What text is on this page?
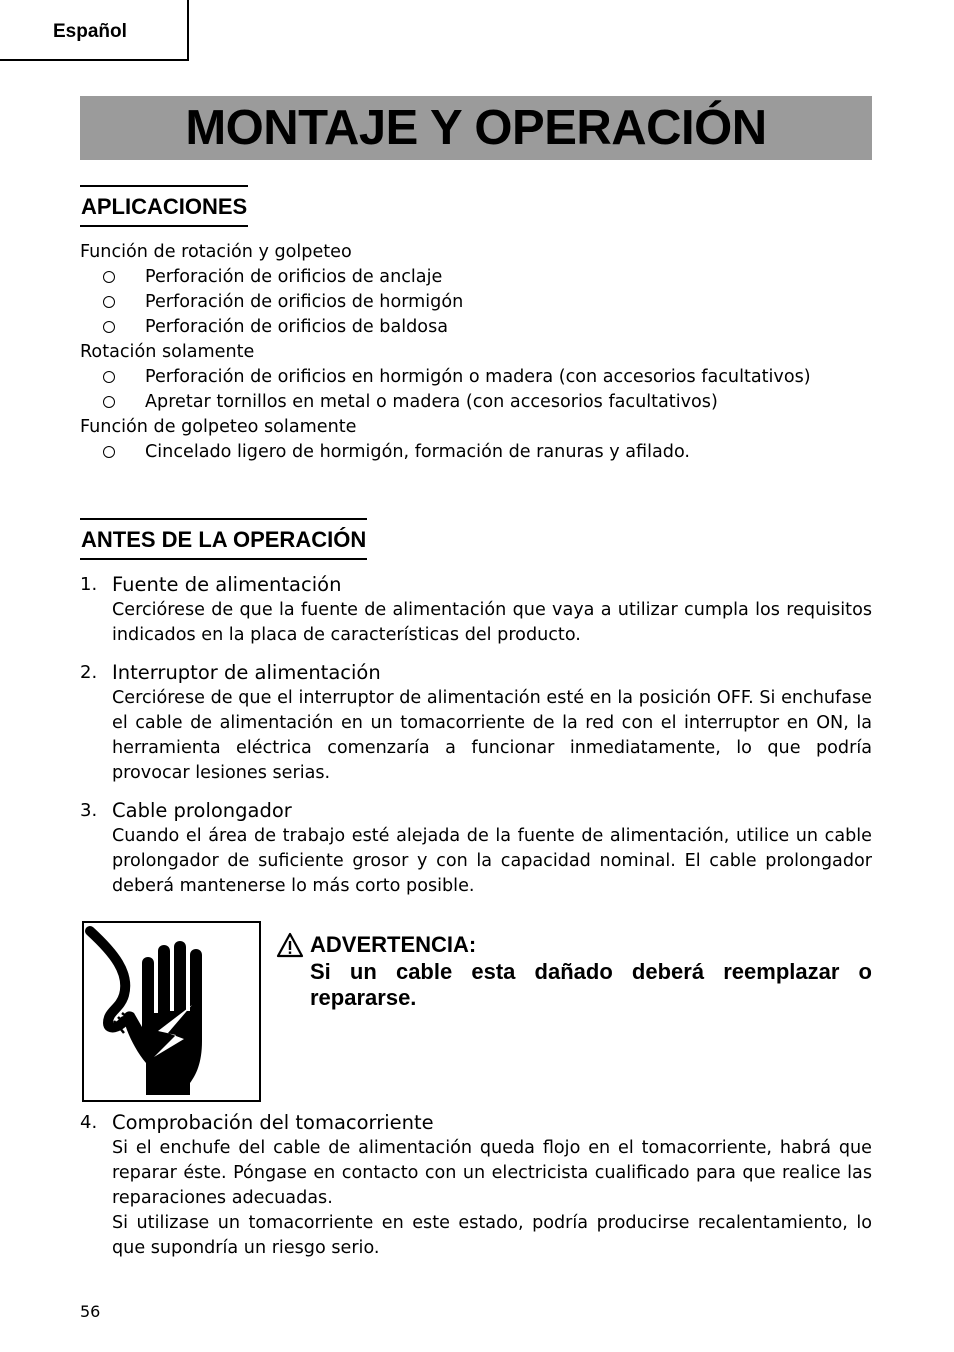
Español
MONTAJE Y OPERACIÓN
APLICACIONES
Función de rotación y golpeteo
Perforación de orificios de anclaje
Perforación de orificios de hormigón
Perforación de orificios de baldosa
Rotación solamente
Perforación de orificios en hormigón o madera (con accesorios facultativos)
Apretar tornillos en metal o madera (con accesorios facultativos)
Función de golpeteo solamente
Cincelado ligero de hormigón, formación de ranuras y afilado.
ANTES DE LA OPERACIÓN
1. Fuente de alimentación
Cerciórese de que la fuente de alimentación que vaya a utilizar cumpla los requisitos indicados en la placa de características del producto.
2. Interruptor de alimentación
Cerciórese de que el interruptor de alimentación esté en la posición OFF. Si enchufase el cable de alimentación en un tomacorriente de la red con el interruptor en ON, la herramienta eléctrica comenzaría a funcionar inmediatamente, lo que podría provocar lesiones serias.
3. Cable prolongador
Cuando el área de trabajo esté alejada de la fuente de alimentación, utilice un cable prolongador de suficiente grosor y con la capacidad nominal. El cable prolongador deberá mantenerse lo más corto posible.
ADVERTENCIA:
Si un cable esta dañado deberá reemplazar o repararse.
4. Comprobación del tomacorriente
Si el enchufe del cable de alimentación queda flojo en el tomacorriente, habrá que reparar éste. Póngase en contacto con un electricista cualificado para que realice las reparaciones adecuadas.
Si utilizase un tomacorriente en este estado, podría producirse recalentamiento, lo que supondría un riesgo serio.
56
